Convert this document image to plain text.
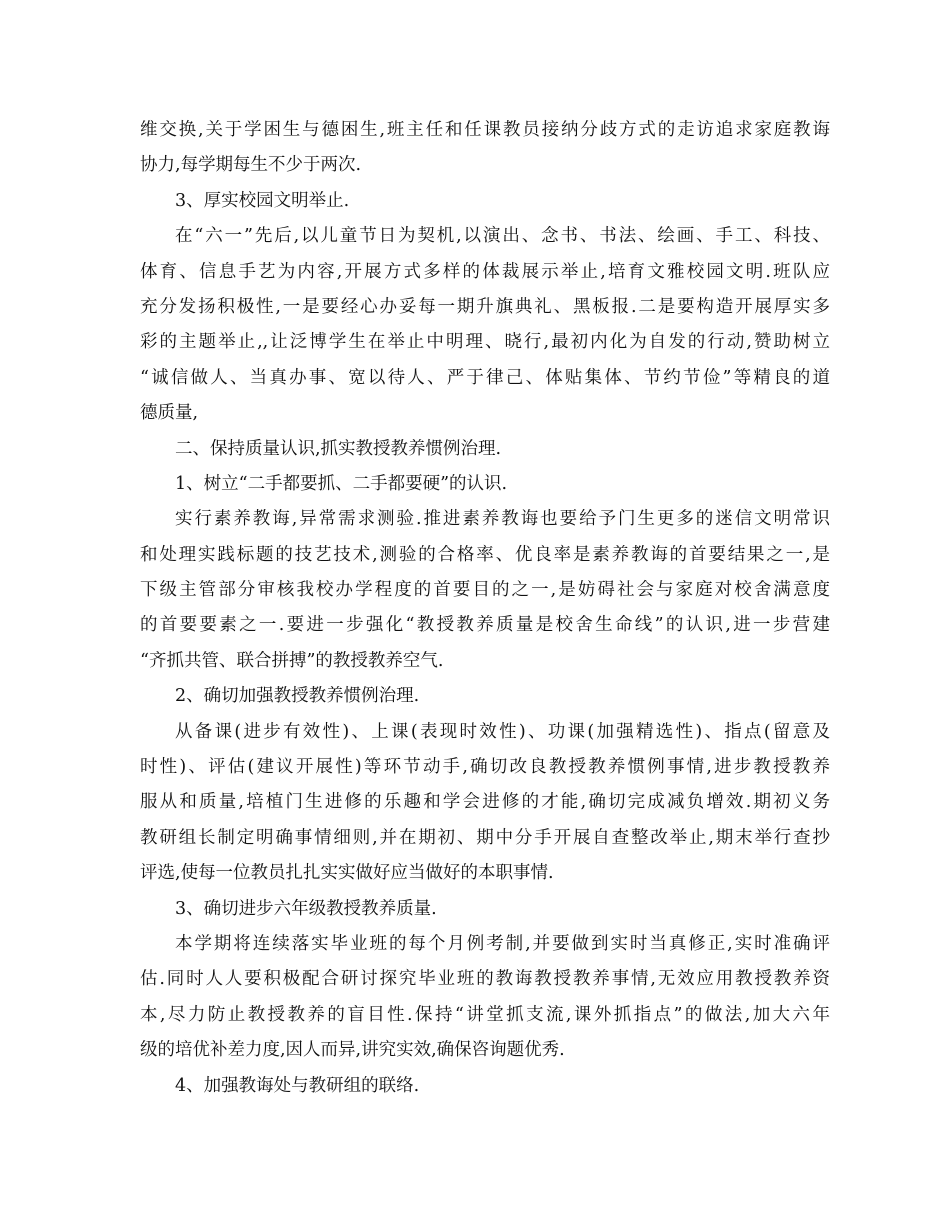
维交换,关于学困生与德困生,班主任和任课教员接纳分歧方式的走访追求家庭教诲
协力,每学期每生不少于两次.
3、厚实校园文明举止.
在“六一”先后,以儿童节日为契机,以演出、念书、书法、绘画、手工、科技、
体育、信息手艺为内容,开展方式多样的体裁展示举止,培育文雅校园文明.班队应
充分发扬积极性,一是要经心办妥每一期升旗典礼、黑板报.二是要构造开展厚实多
彩的主题举止,,让泛博学生在举止中明理、晓行,最初内化为自发的行动,赞助树立
“诚信做人、当真办事、宽以待人、严于律己、体贴集体、节约节俭”等精良的道
德质量,
二、保持质量认识,抓实教授教养惯例治理.
1、树立“二手都要抓、二手都要硬”的认识.
实行素养教诲,异常需求测验.推进素养教诲也要给予门生更多的迷信文明常识
和处理实践标题的技艺技术,测验的合格率、优良率是素养教诲的首要结果之一,是
下级主管部分审核我校办学程度的首要目的之一,是妨碍社会与家庭对校舍满意度
的首要要素之一.要进一步强化“教授教养质量是校舍生命线”的认识,进一步营建
“齐抓共管、联合拼搏”的教授教养空气.
2、确切加强教授教养惯例治理.
从备课(进步有效性)、上课(表现时效性)、功课(加强精选性)、指点(留意及
时性)、评估(建议开展性)等环节动手,确切改良教授教养惯例事情,进步教授教养
服从和质量,培植门生进修的乐趣和学会进修的才能,确切完成减负增效.期初义务
教研组长制定明确事情细则,并在期初、期中分手开展自查整改举止,期末举行查抄
评选,使每一位教员扎扎实实做好应当做好的本职事情.
3、确切进步六年级教授教养质量.
本学期将连续落实毕业班的每个月例考制,并要做到实时当真修正,实时准确评
估.同时人人要积极配合研讨探究毕业班的教诲教授教养事情,无效应用教授教养资
本,尽力防止教授教养的盲目性.保持“讲堂抓支流,课外抓指点”的做法,加大六年
级的培优补差力度,因人而异,讲究实效,确保咨询题优秀.
4、加强教诲处与教研组的联络.
